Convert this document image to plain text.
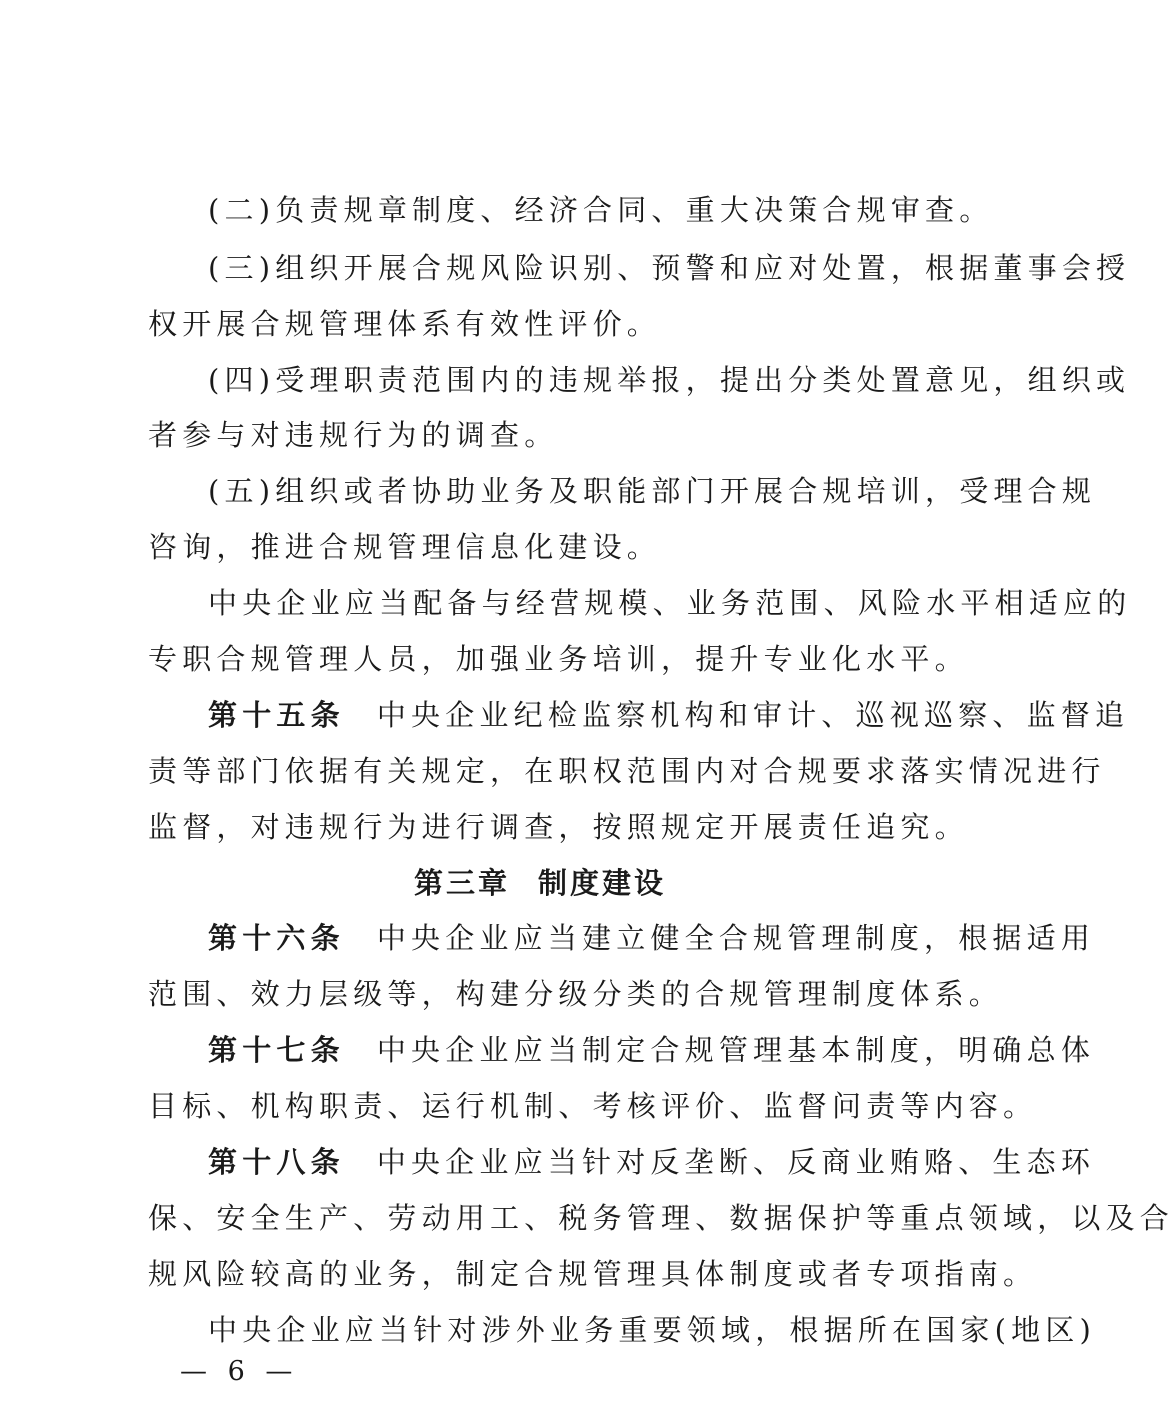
(二)负责规章制度、经济合同、重大决策合规审查。
(三)组织开展合规风险识别、预警和应对处置，根据董事会授
权开展合规管理体系有效性评价。
(四)受理职责范围内的违规举报，提出分类处置意见，组织或
者参与对违规行为的调查。
(五)组织或者协助业务及职能部门开展合规培训，受理合规
咨询，推进合规管理信息化建设。
中央企业应当配备与经营规模、业务范围、风险水平相适应的
专职合规管理人员，加强业务培训，提升专业化水平。
第十五条 中央企业纪检监察机构和审计、巡视巡察、监督追
责等部门依据有关规定，在职权范围内对合规要求落实情况进行
监督，对违规行为进行调查，按照规定开展责任追究。
第三章 制度建设
第十六条 中央企业应当建立健全合规管理制度，根据适用
范围、效力层级等，构建分级分类的合规管理制度体系。
第十七条 中央企业应当制定合规管理基本制度，明确总体
目标、机构职责、运行机制、考核评价、监督问责等内容。
第十八条 中央企业应当针对反垄断、反商业贿赂、生态环
保、安全生产、劳动用工、税务管理、数据保护等重点领域，以及合
规风险较高的业务，制定合规管理具体制度或者专项指南。
中央企业应当针对涉外业务重要领域，根据所在国家(地区)
— 6 —
